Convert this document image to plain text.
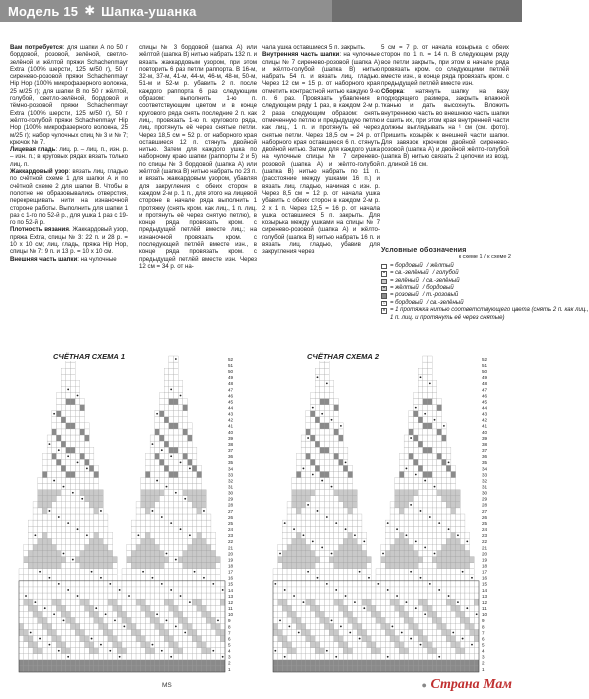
Модель 15 ✱ Шапка-ушанка

Вам потребуется: для шапки А по 50 г бордовой, розовой, зелёной, светло-зелёной и жёлтой пряжи Schachenmayr Extra (100% шерсти, 125 м/50 г), 50 г сиренево-розовой пряжи Schachenmayr Hip Hop (100% микрофазерного волокна, 25 м/25 г); для шапки В по 50 г жёлтой, голубой, светло-зелёной, бордовой и тёмно-розовой пряжи Schachenmayr Extra (100% шерсти, 125 м/50 г), 50 г жёлто-голубой пряжи Schachenmayr Hip Hop (100% микрофазерного волокна, 25 м/25 г); набор чулочных спиц № 3 и № 7; крючок № 7.

Лицевая гладь: лиц. р. – лиц. п., изн. р. – изн. п.; в круговых рядах вязать только лиц. п.

Жаккардовый узор: вязать лиц. гладью по счётной схеме 1 для шапки А и по счётной схеме 2 для шапки В. Чтобы в полотне не образовывались отверстия, перекрещивать нити на изнаночной стороне работы. Выполнить для шапки 1 раз с 1-го по 52-й р., для ушка 1 раз с 19-го по 52-й р.

Плотность вязания. Жаккардовый узор, пряжа Extra, спицы № 3: 22 п. и 28 р. = 10 х 10 см; лиц. гладь, пряжа Hip Hop, спицы № 7: 9 п. и 13 р. = 10 х 10 см.

Внешняя часть шапки: на чулочные

спицы № 3 бордовой (шапка А) или жёлтой (шапка В) нитью набрать 132 п. и вязать жаккардовым узором, при этом повторить 6 раз петли раппорта. В 16-м, 32-м, 37-м, 41-м, 44-м, 46-м, 48-м, 50-м, 51-м и 52-м р. убавить 2 п. после каждого раппорта 6 раз следующим образом: выполнить 1-ю п. соответствующим цветом и в конце кругового ряда снять последние 2 п. как лиц., провязать 1-ю п. кругового ряда, лиц. протянуть её через снятые петли. Через 18,5 см = 52 р. от наборного края оставшиеся 12 п. стянуть двойной нитью. Затем для каждого ушка по наборному краю шапки (раппорты 2 и 5) по спицы № 3 бордовой (шапка А) или жёлтой (шапка В) нитью набрать по 23 п. и вязать жаккардовым узором, убавляя для закругления с обеих сторон в каждом 2-м р. 1 п., для этого на лицевой стороне в начале ряда выполнить 1 протяжку (снять кром. как лиц., 1 п. лиц. и протянуть её через снятую петлю), в конце ряда провязать кром. с предыдущей петлёй вместе лиц.; на изнаночной провязать кром. с последующей петлёй вместе изн., в конце ряда провязать кром. с предыдущей петлёй вместе изн. Через 12 см = 34 р. от на-

чала ушка оставшиеся 5 п. закрыть.

Внутренняя часть шапки: на чулочные спицы № 7 сиренево-розовой (шапка А) и жёлто-голубой (шапка В) нитью набрать 54 п. и вязать лиц. гладью. Через 12 см = 15 р. от наборного края отметить контрастной нитью каждую 9-ю п. 6 раз. Провязать убавления в следующем ряду 1 раз, в каждом 2-м р. 2 раза следующим образом: снять отмеченную петлю и предыдущую петлю как лиц., 1 п. и протянуть её через снятые петли. Через 18,5 см = 24 р. от наборного края оставшиеся 6 п. стянуть двойной нитью. Затем для каждого ушка на чулочные спицы № 7 сиренево-розовой (шапка А) и жёлто-голубой (шапка В) нитью набрать по 11 п. (расстояние между ушками 16 п.) и вязать лиц. гладью, начиная с изн. р. Через 8,5 см = 12 р. от начала ушка убавить с обеих сторон в каждом 2-м р. 2 х 1 п. Через 12,5 = 16 р. от начала ушка оставшиеся 5 п. закрыть. Для козырька между ушками на спицы № 7 сиренево-розовой (шапка А) и жёлто-голубой (шапка В) нитью набрать 16 п. и вязать лиц. гладью, убавив для закругления через

5 см = 7 р. от начала козырька с обеих сторон по 1 п. = 14 п. В следующем ряду все петли закрыть, при этом в начале ряда провязать кром. со следующими петлёй вместе изн., в конце ряда провязать кром. с предыдущей петлёй вместе изн.

Сборка: натянуть шапку на вазу подходящего размера, закрыть влажной тканью и дать высохнуть. Вложить внутреннюю часть во внешнюю часть шапки и сшить их, при этом края внутренней части должны выглядывать на ¹ см (см. фото). Пришить козырёк к внешней части шапки. Для завязок крючком двойной сиренево-розовой (шапка А) и двойной жёлто-голубой (шапка В) нитью связать 2 цепочки из возд. п. длиной 16 см.

Условные обозначения
к схеме 1 / к схеме 2
= бордовый / жёлтый
• = св.-зелёный / голубой
= зелёный / св.-зелёный
• = жёлтый / бордовый
= розовый / т.-розовый
○ = бордовый / св.-зелёный
∧ = 1 протяжка нитью соответствующего цвета (снять 2 п. как лиц.,
1 п. лиц. и протянуть её через снятые)
52
51
50
49
48
47
46
45
44
43
42
41
40
39
38
37
36
35
34
33
32
31
30
29
28
27
26
25
24
23
22
21
20
19
18
17
16
15
14
13
12
11
10
9
8
7
6
5
4
3
2
1
СЧЁТНАЯ СХЕМА 1	52
51
50
49
48
47
46
45
44
43
42
41
40
39
38
37
36
35
34
33
32
31
30
29
28
27
26
25
24
23
22
21
20
19
18
17
16
15
14
13
12
11
10
9
8
7
6
5
4
3
2
1
СЧЁТНАЯ СХЕМА 2
MS	● Страна Мам
